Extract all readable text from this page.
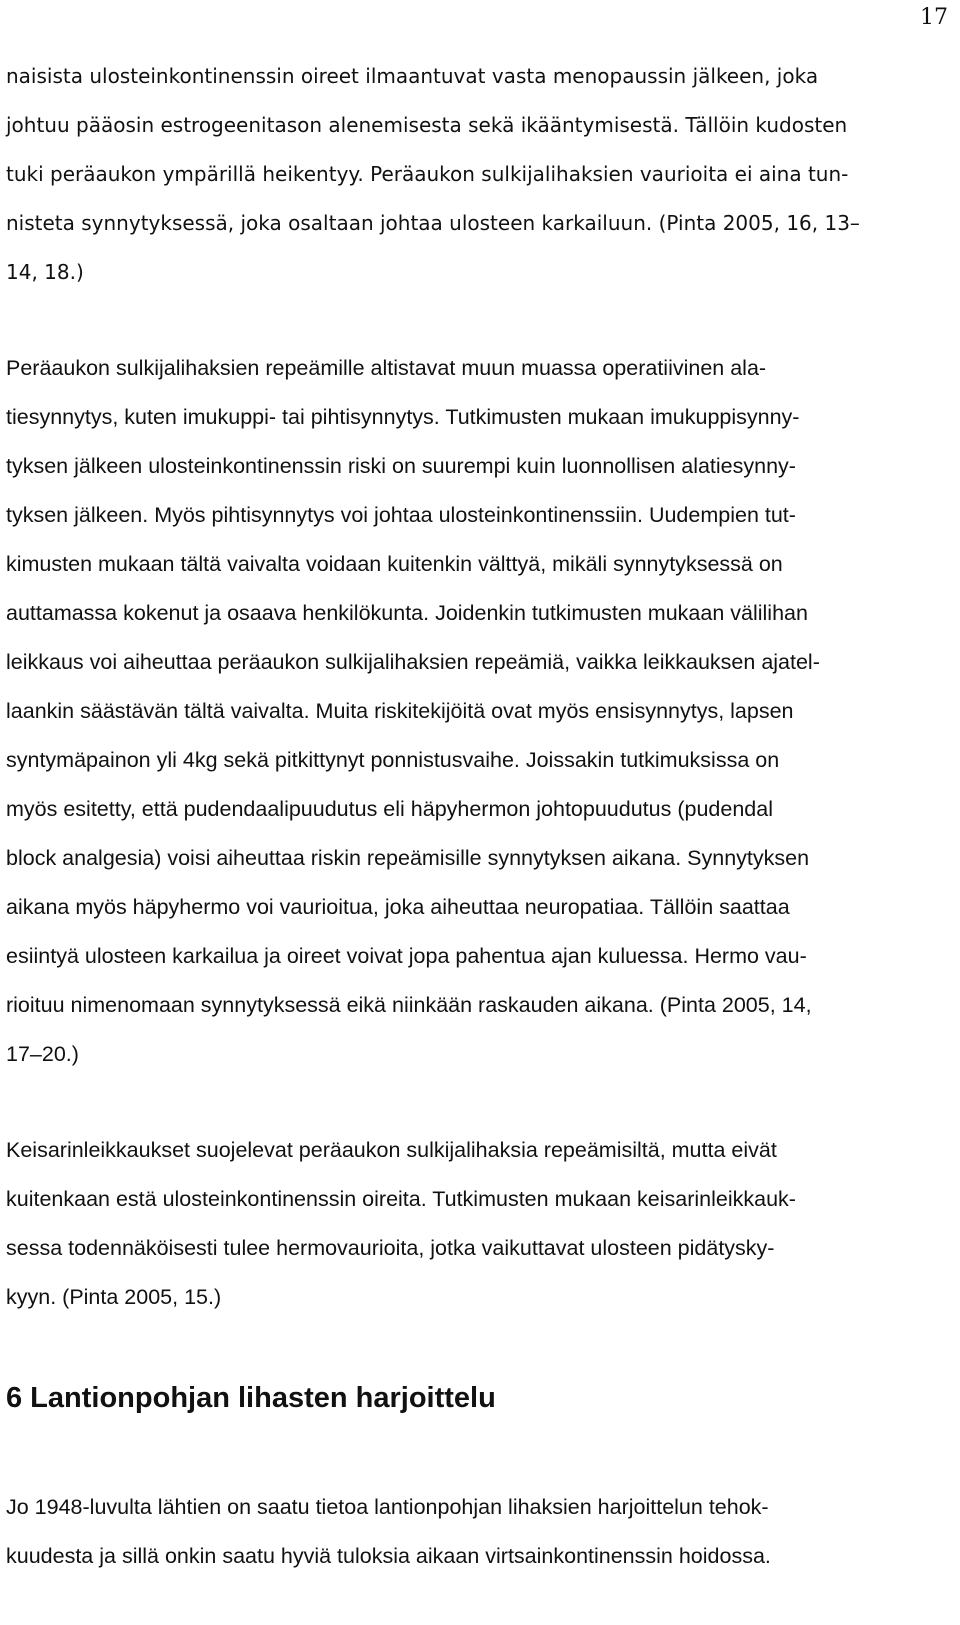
17

naisista ulosteinkontinenssin oireet ilmaantuvat vasta menopaussin jälkeen, joka

johtuu pääosin estrogeenitason alenemisesta sekä ikääntymisestä. Tällöin kudosten

tuki peräaukon ympärillä heikentyy. Peräaukon sulkijalihaksien vaurioita ei aina tun-

nisteta synnytyksessä, joka osaltaan johtaa ulosteen karkailuun. (Pinta 2005, 16, 13–

14, 18.)

Peräaukon sulkijalihaksien repeämille altistavat muun muassa operatiivinen ala-

tiesynnytys, kuten imukuppi- tai pihtisynnytys. Tutkimusten mukaan imukuppisynny-

tyksen jälkeen ulosteinkontinenssin riski on suurempi kuin luonnollisen alatiesynny-

tyksen jälkeen. Myös pihtisynnytys voi johtaa ulosteinkontinenssiin. Uudempien tut-

kimusten mukaan tältä vaivalta voidaan kuitenkin välttyä, mikäli synnytyksessä on

auttamassa kokenut ja osaava henkilökunta. Joidenkin tutkimusten mukaan välilihan

leikkaus voi aiheuttaa peräaukon sulkijalihaksien repeämiä, vaikka leikkauksen ajatel-

laankin säästävän tältä vaivalta. Muita riskitekijöitä ovat myös ensisynnytys, lapsen

syntymäpainon yli 4kg sekä pitkittynyt ponnistusvaihe. Joissakin tutkimuksissa on

myös esitetty, että pudendaalipuudutus eli häpyhermon johtopuudutus (pudendal

block analgesia) voisi aiheuttaa riskin repeämisille synnytyksen aikana. Synnytyksen

aikana myös häpyhermo voi vaurioitua, joka aiheuttaa neuropatiaa. Tällöin saattaa

esiintyä ulosteen karkailua ja oireet voivat jopa pahentua ajan kuluessa. Hermo vau-

rioituu nimenomaan synnytyksessä eikä niinkään raskauden aikana. (Pinta 2005, 14,

17–20.)

Keisarinleikkaukset suojelevat peräaukon sulkijalihaksia repeämisiltä, mutta eivät

kuitenkaan estä ulosteinkontinenssin oireita. Tutkimusten mukaan keisarinleikkauk-

sessa todennäköisesti tulee hermovaurioita, jotka vaikuttavat ulosteen pidätysky-

kyyn. (Pinta 2005, 15.)

6 Lantionpohjan lihasten harjoittelu

Jo 1948-luvulta lähtien on saatu tietoa lantionpohjan lihaksien harjoittelun tehok-

kuudesta ja sillä onkin saatu hyviä tuloksia aikaan virtsainkontinenssin hoidossa.
